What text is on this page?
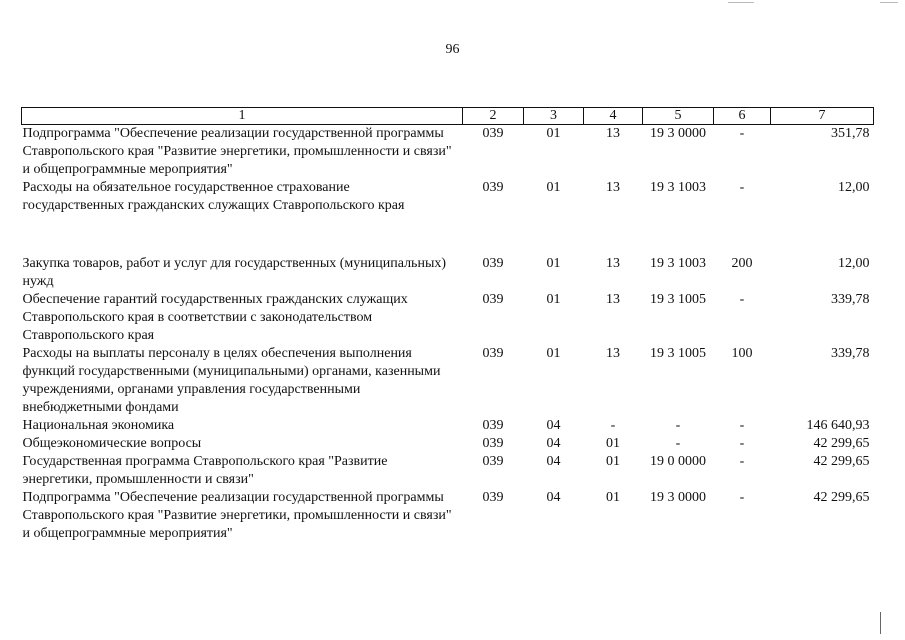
96
1	2	3	4	5	6	7
Подпрограмма "Обеспечение реализации государственной программы Ставропольского края "Развитие энергетики, промышленности и связи" и общепрограммные мероприятия"	039	01	13	19 3 0000	-	351,78
Расходы на обязательное государственное страхование государственных гражданских служащих Ставропольского края	039	01	13	19 3 1003	-	12,00

Закупка товаров, работ и услуг для государственных (муниципальных) нужд	039	01	13	19 3 1003	200	12,00
Обеспечение гарантий государственных гражданских служащих Ставропольского края в соответствии с законодательством Ставропольского края	039	01	13	19 3 1005	-	339,78
Расходы на выплаты персоналу в целях обеспечения выполнения функций государственными (муниципальными) органами, казенными учреждениями, органами управления государственными внебюджетными фондами	039	01	13	19 3 1005	100	339,78
Национальная экономика	039	04	-	-	-	146 640,93
Общеэкономические вопросы	039	04	01	-	-	42 299,65
Государственная программа Ставропольского края "Развитие энергетики, промышленности и связи"	039	04	01	19 0 0000	-	42 299,65
Подпрограмма "Обеспечение реализации государственной программы Ставропольского края "Развитие энергетики, промышленности и связи" и общепрограммные мероприятия"	039	04	01	19 3 0000	-	42 299,65
